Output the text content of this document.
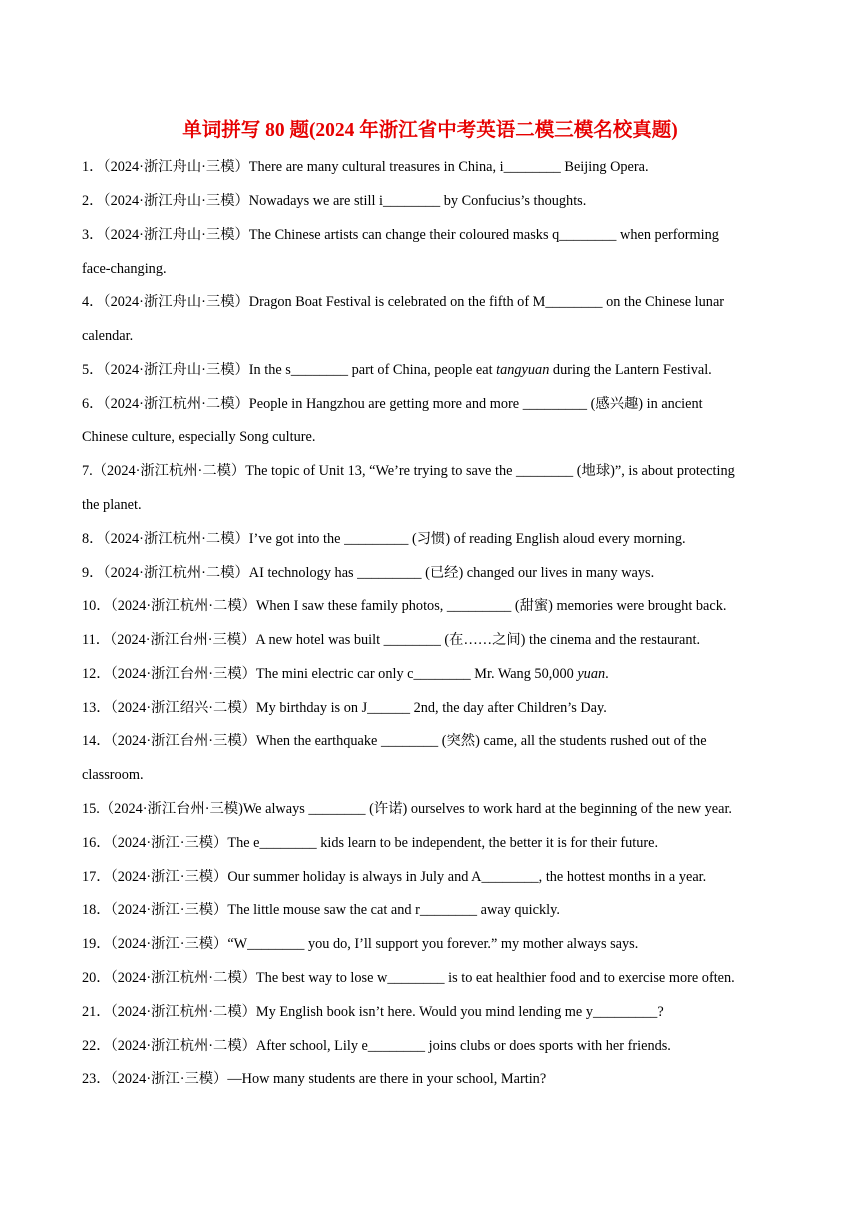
单词拼写 80 题(2024 年浙江省中考英语二模三模名校真题)
1．（2024·浙江舟山·三模）There are many cultural treasures in China, i________ Beijing Opera.
2．（2024·浙江舟山·三模）Nowadays we are still i________ by Confucius’s thoughts.
3．（2024·浙江舟山·三模）The Chinese artists can change their coloured masks q________ when performing
face-changing.
4．（2024·浙江舟山·三模）Dragon Boat Festival is celebrated on the fifth of M________ on the Chinese lunar
calendar.
5．（2024·浙江舟山·三模）In the s________ part of China, people eat tangyuan during the Lantern Festival.
6．（2024·浙江杭州·二模）People in Hangzhou are getting more and more _________ (感兴趣) in ancient
Chinese culture, especially Song culture.
7.（2024·浙江杭州·二模）The topic of Unit 13, “We’re trying to save the ________ (地球)”, is about protecting
the planet.
8．（2024·浙江杭州·二模）I’ve got into the _________ (习惯) of reading English aloud every morning.
9．（2024·浙江杭州·二模）AI technology has _________ (已经) changed our lives in many ways.
10．（2024·浙江杭州·二模）When I saw these family photos, _________ (甜蜜) memories were brought back.
11．（2024·浙江台州·三模）A new hotel was built ________ (在……之间) the cinema and the restaurant.
12．（2024·浙江台州·三模）The mini electric car only c________ Mr. Wang 50,000 yuan.
13．（2024·浙江绍兴·二模）My birthday is on J______ 2nd, the day after Children’s Day.
14．（2024·浙江台州·三模）When the earthquake ________ (突然) came, all the students rushed out of the
classroom.
15.（2024·浙江台州·三模)We always ________ (许诺) ourselves to work hard at the beginning of the new year.
16．（2024·浙江·三模）The e________ kids learn to be independent, the better it is for their future.
17．（2024·浙江·三模）Our summer holiday is always in July and A________, the hottest months in a year.
18．（2024·浙江·三模）The little mouse saw the cat and r________ away quickly.
19．（2024·浙江·三模）“W________ you do, I’ll support you forever.” my mother always says.
20．（2024·浙江杭州·二模）The best way to lose w________ is to eat healthier food and to exercise more often.
21．（2024·浙江杭州·二模）My English book isn’t here. Would you mind lending me y_________?
22．（2024·浙江杭州·二模）After school, Lily e________ joins clubs or does sports with her friends.
23．（2024·浙江·三模）—How many students are there in your school, Martin?
